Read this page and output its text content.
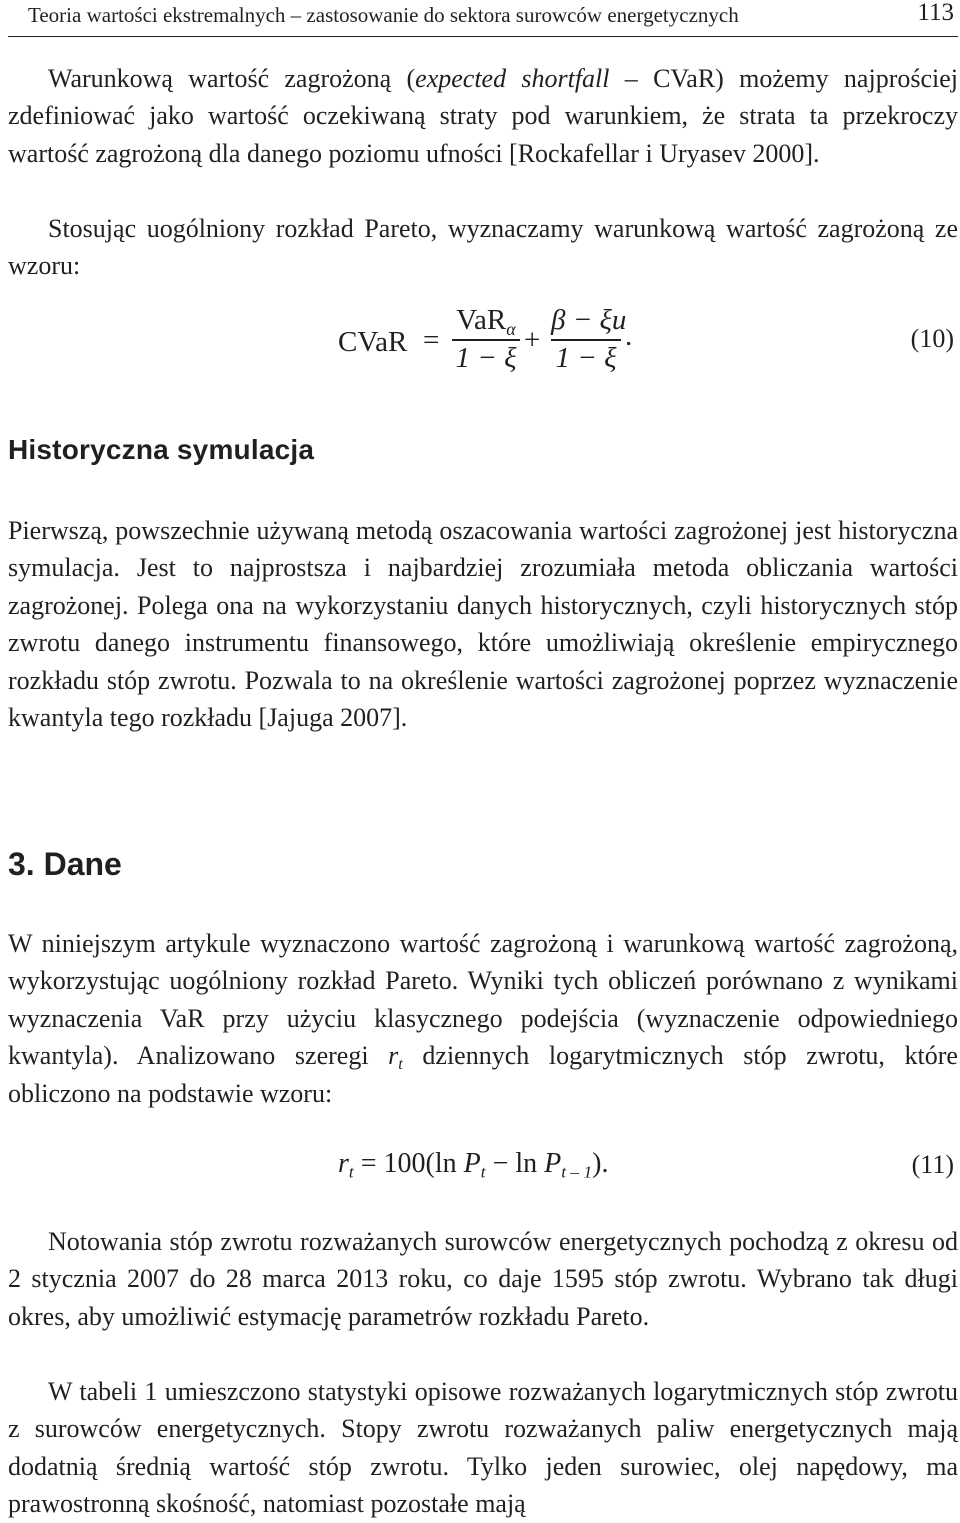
Teoria wartości ekstremalnych – zastosowanie do sektora surowców energetycznych	113

Warunkową wartość zagrożoną (expected shortfall – CVaR) możemy najprościej zdefiniować jako wartość oczekiwaną straty pod warunkiem, że strata ta przekroczy wartość zagrożoną dla danego poziomu ufności [Rockafellar i Uryasev 2000].

Stosując uogólniony rozkład Pareto, wyznaczamy warunkową wartość zagrożoną ze wzoru:

CVaR =
VaR$_\alpha$
1 − ξ
+
β − ξu
1 − ξ
.	(10)
Historyczna symulacja

Pierwszą, powszechnie używaną metodą oszacowania wartości zagrożonej jest historyczna symulacja. Jest to najprostsza i najbardziej zrozumiała metoda obliczania wartości zagrożonej. Polega ona na wykorzystaniu danych historycznych, czyli historycznych stóp zwrotu danego instrumentu finansowego, które umożliwiają określenie empirycznego rozkładu stóp zwrotu. Pozwala to na określenie wartości zagrożonej poprzez wyznaczenie kwantyla tego rozkładu [Jajuga 2007].

3. Dane

W niniejszym artykule wyznaczono wartość zagrożoną i warunkową wartość zagrożoną, wykorzystując uogólniony rozkład Pareto. Wyniki tych obliczeń porównano z wynikami wyznaczenia VaR przy użyciu klasycznego podejścia (wyznaczenie odpowiedniego kwantyla). Analizowano szeregi $r_t$ dziennych logarytmicznych stóp zwrotu, które obliczono na podstawie wzoru:

$r_t = 100(\ln$ $P_t - \ln P_{t - 1}$).	(11)

Notowania stóp zwrotu rozważanych surowców energetycznych pochodzą z okresu od 2 stycznia 2007 do 28 marca 2013 roku, co daje 1595 stóp zwrotu. Wybrano tak długi okres, aby umożliwić estymację parametrów rozkładu Pareto.

W tabeli 1 umieszczono statystyki opisowe rozważanych logarytmicznych stóp zwrotu z surowców energetycznych. Stopy zwrotu rozważanych paliw energetycznych mają dodatnią średnią wartość stóp zwrotu. Tylko jeden surowiec, olej napędowy, ma prawostronną skośność, natomiast pozostałe mają
